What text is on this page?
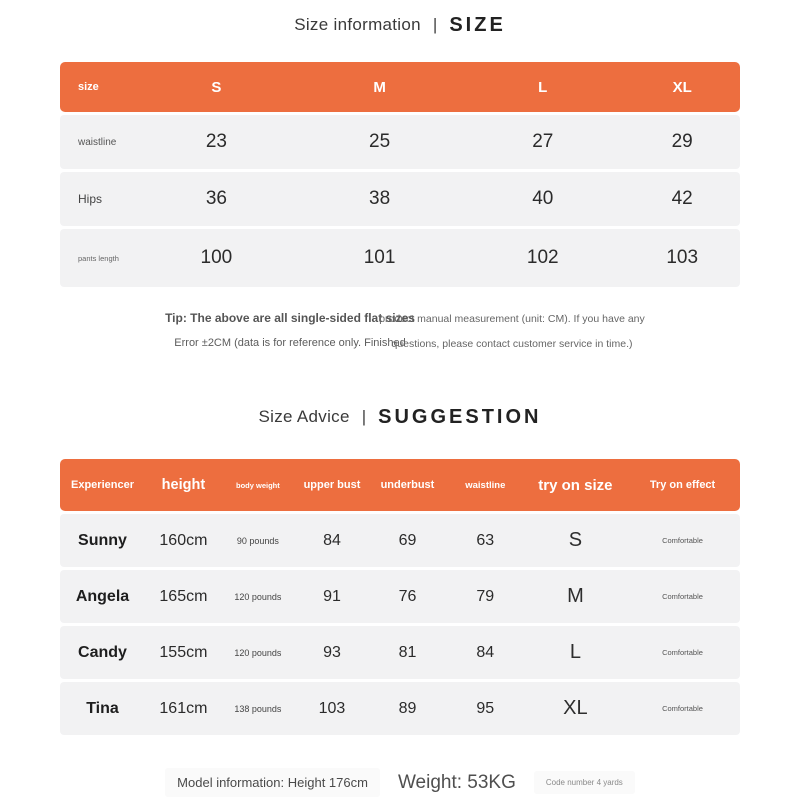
Size information | SIZE
size	S	M	L	XL
waistline	23	25	27	29
Hips	36	38	40	42
pants length	100	101	102	103
Tip: The above are all single-sided flat sizes
Error ±2CM (data is for reference only. Finished
product manual measurement (unit: CM). If you have any
questions, please contact customer service in time.)
Size Advice | SUGGESTION
Experiencer	height	body weight	upper bust	underbust	waistline	try on size	Try on effect
Sunny	160cm	90 pounds	84	69	63	S	Comfortable
Angela	165cm	120 pounds	91	76	79	M	Comfortable
Candy	155cm	120 pounds	93	81	84	L	Comfortable
Tina	161cm	138 pounds	103	89	95	XL	Comfortable
Model information: Height 176cm	Weight: 53KG	Code number 4 yards
